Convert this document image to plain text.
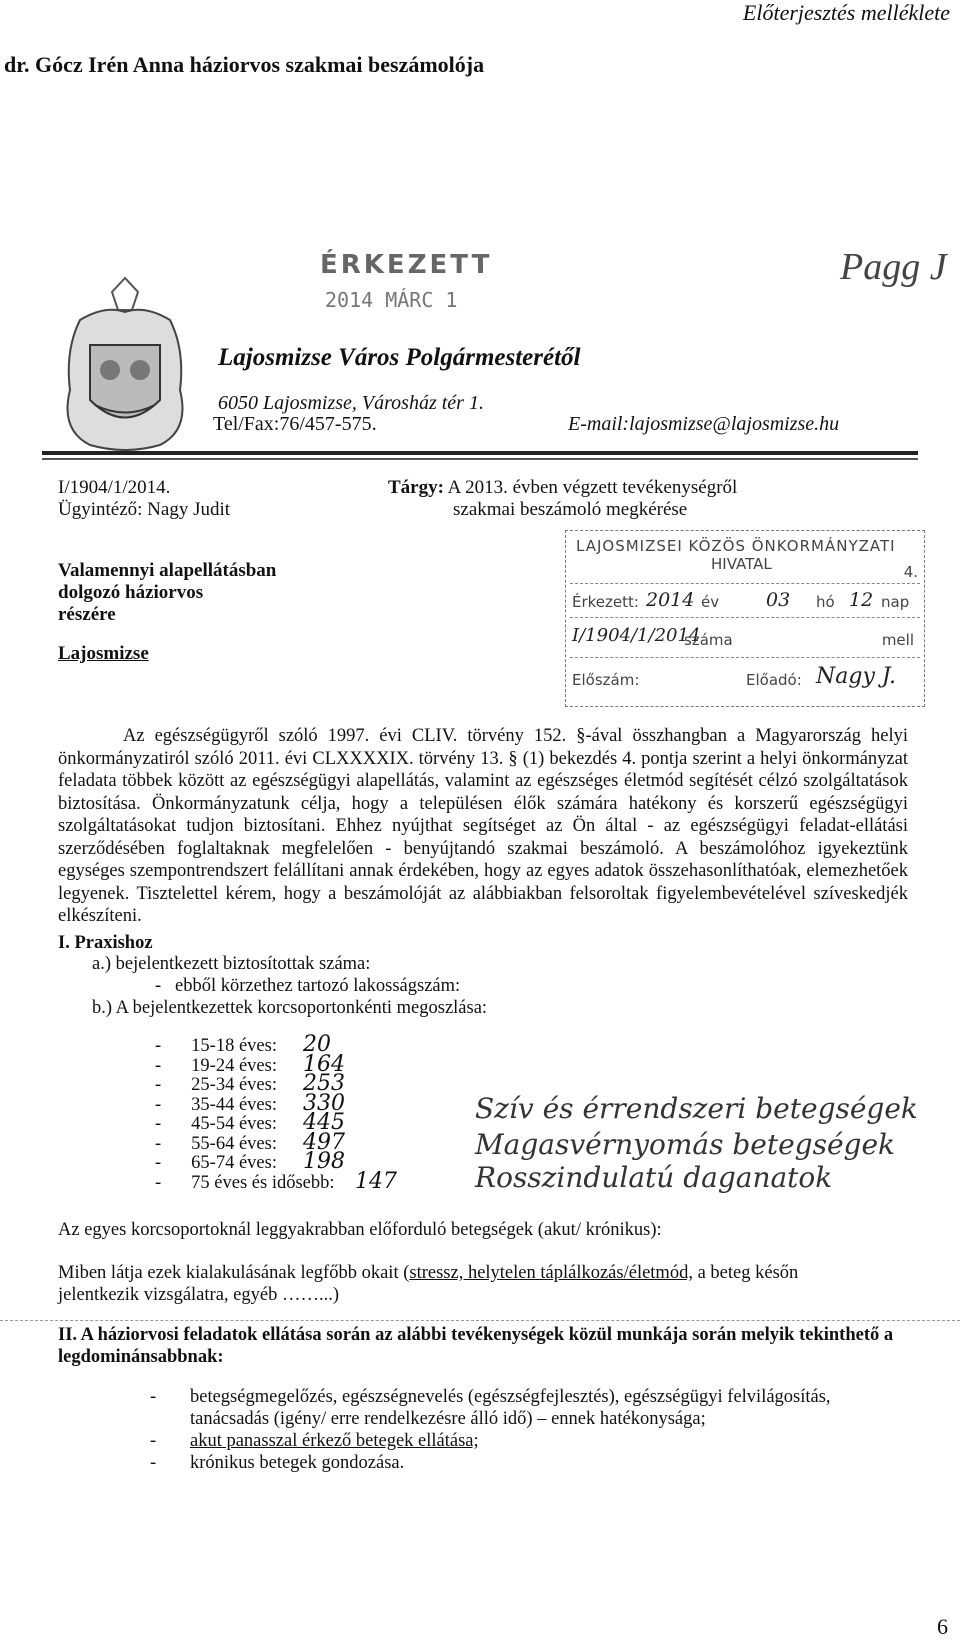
Előterjesztés melléklete
dr. Gócz Irén Anna háziorvos szakmai beszámolója
ÉRKEZETT
2014 MÁRC 1
Pagg J
Lajosmizse Város Polgármesterétől
6050 Lajosmizse, Városház tér 1.
Tel/Fax:76/457-575.	E-mail:lajosmizse@lajosmizse.hu
I/1904/1/2014.
Ügyintéző: Nagy Judit
Tárgy: A 2013. évben végzett tevékenységről
szakmai beszámoló megkérése
Valamennyi alapellátásban
dolgozó háziorvos
részére
Lajosmizse
LAJOSMIZSEI KÖZÖS ÖNKORMÁNYZATI
HIVATAL	4.
Érkezett: 2014 év 03 hó 12 nap
I/1904/1/2014
száma	mell
Előszám:	Előadó: Nagy J.

Az egészségügyről szóló 1997. évi CLIV. törvény 152. §-ával összhangban a Magyarország helyi önkormányzatiról szóló 2011. évi CLXXXXIX. törvény 13. § (1) bekezdés 4. pontja szerint a helyi önkormányzat feladata többek között az egészségügyi alapellátás, valamint az egészséges életmód segítését célzó szolgáltatások biztosítása. Önkormányzatunk célja, hogy a településen élők számára hatékony és korszerű egészségügyi szolgáltatásokat tudjon biztosítani. Ehhez nyújthat segítséget az Ön által - az egészségügyi feladat-ellátási szerződésében foglaltaknak megfelelően - benyújtandó szakmai beszámoló. A beszámolóhoz igyekeztünk egységes szempontrendszert felállítani annak érdekében, hogy az egyes adatok összehasonlíthatóak, elemezhetőek legyenek. Tisztelettel kérem, hogy a beszámolóját az alábbiakban felsoroltak figyelembevételével szíveskedjék elkészíteni.

I. Praxishoz
a.) bejelentkezett biztosítottak száma:
-   ebből körzethez tartozó lakosságszám:
b.) A bejelentkezettek korcsoportonkénti megoszlása:
- 15-18 éves: 20
- 19-24 éves: 164
- 25-34 éves: 253
- 35-44 éves: 330
- 45-54 éves: 445
- 55-64 éves: 497
- 65-74 éves: 198
- 75 éves és idősebb: 147
Szív és érrendszeri betegségek
Magasvérnyomás betegségek
Rosszindulatú daganatok
Az egyes korcsoportoknál leggyakrabban előforduló betegségek (akut/ krónikus):
Miben látja ezek kialakulásának legfőbb okait (stressz, helytelen táplálkozás/életmód, a beteg későn
jelentkezik vizsgálatra, egyéb ……...)
II. A háziorvosi feladatok ellátása során az alábbi tevékenységek közül munkája során melyik tekinthető a legdominánsabbnak:
- betegségmegelőzés, egészségnevelés (egészségfejlesztés), egészségügyi felvilágosítás,
tanácsadás (igény/ erre rendelkezésre álló idő) – ennek hatékonysága;
- akut panasszal érkező betegek ellátása;
- krónikus betegek gondozása.
6
